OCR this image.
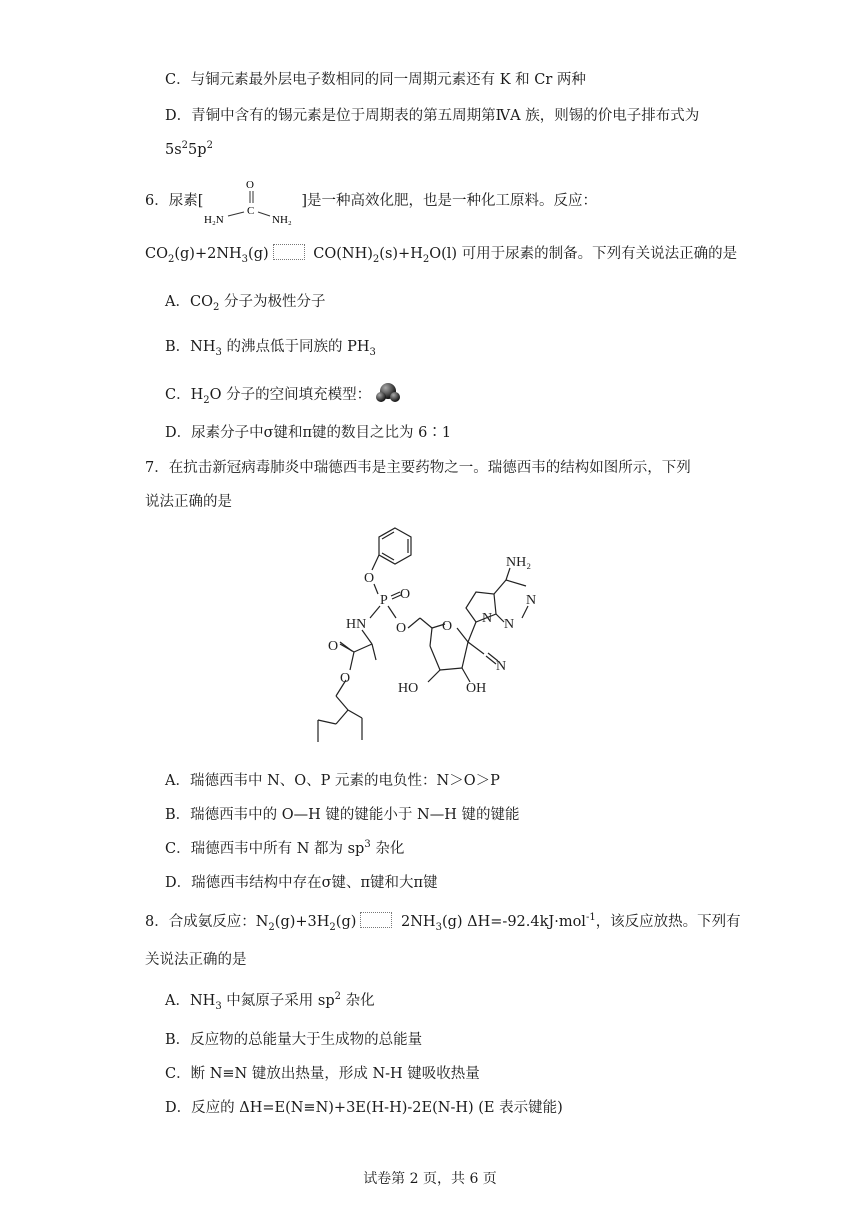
C．与铜元素最外层电子数相同的同一周期元素还有 K 和 Cr 两种
D．青铜中含有的锡元素是位于周期表的第五周期第ⅣA 族，则锡的价电子排布式为
$5s^25p^2$
6．尿素[	]是一种高效化肥，也是一种化工原料。反应：
O
C
H₂N	NH₂
$CO_2(g)+2NH_3(g)$	$CO(NH)_2(s)+H_2O(l)$ 可用于尿素的制备。下列有关说法正确的是
A．$CO_2$ 分子为极性分子
B．$NH_3$ 的沸点低于同族的 $PH_3$
C．$H_2O$ 分子的空间填充模型：
D．尿素分子中σ键和π键的数目之比为 6∶1
7．在抗击新冠病毒肺炎中瑞德西韦是主要药物之一。瑞德西韦的结构如图所示，下列
说法正确的是
O
P O
HN O	O
O
O
HO	OH
N
NH₂
N
N
N
A．瑞德西韦中 N、O、P 元素的电负性：N＞O＞P
B．瑞德西韦中的 O—H 键的键能小于 N—H 键的键能
C．瑞德西韦中所有 N 都为 $sp^3$ 杂化
D．瑞德西韦结构中存在σ键、π键和大π键
8．合成氨反应：$N_2(g)+3H_2(g)$	$2NH_3(g)$ ΔH=-92.4kJ·mol$^{-1}$，该反应放热。下列有
关说法正确的是
A．$NH_3$ 中氮原子采用 $sp^2$ 杂化
B．反应物的总能量大于生成物的总能量
C．断 N≡N 键放出热量，形成 N-H 键吸收热量
D．反应的 ΔH=E(N≡N)+3E(H-H)-2E(N-H) (E 表示键能)
试卷第 2 页，共 6 页
